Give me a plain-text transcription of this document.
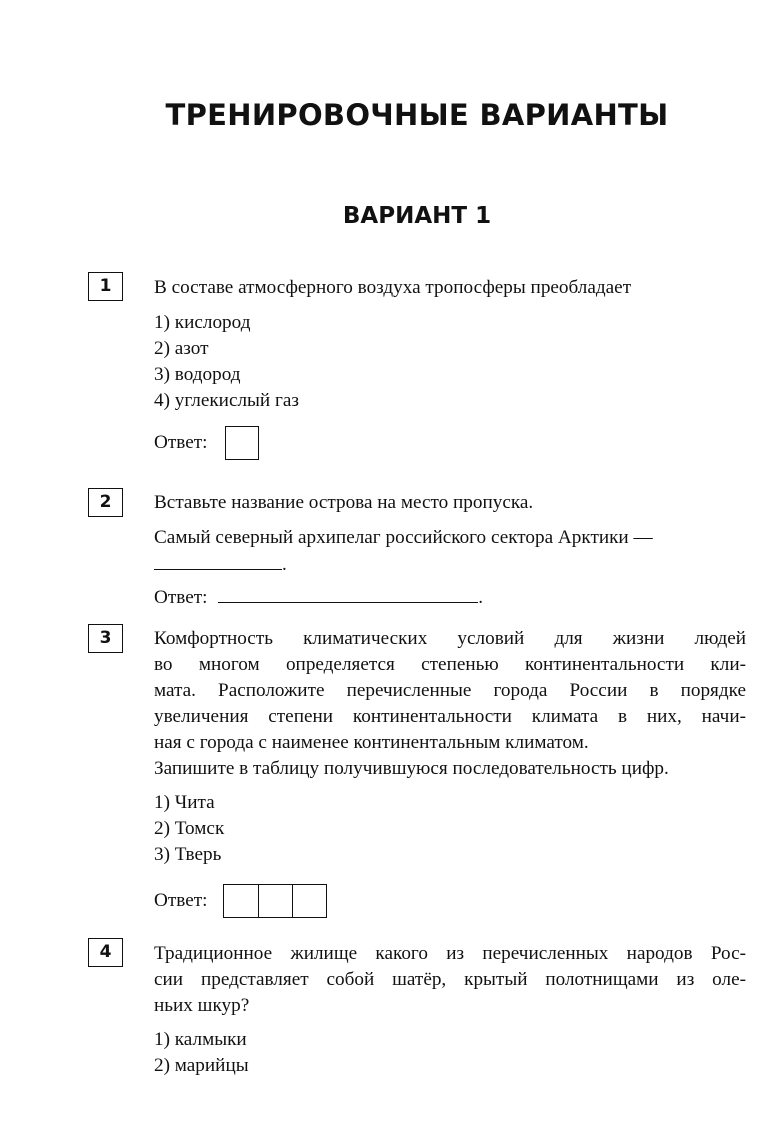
ТРЕНИРОВОЧНЫЕ ВАРИАНТЫ
ВАРИАНТ 1
1	В составе атмосферного воздуха тропосферы преобладает
1) кислород
2) азот
3) водород
4) углекислый газ
Ответ:
2	Вставьте название острова на место пропуска.
Самый северный архипелаг российского сектора Арктики —
.
Ответ:	.
3	Комфортность климатических условий для жизни людей
во многом определяется степенью континентальности кли-
мата. Расположите перечисленные города России в порядке
увеличения степени континентальности климата в них, начи-
ная с города с наименее континентальным климатом.
Запишите в таблицу получившуюся последовательность цифр.
1) Чита
2) Томск
3) Тверь
Ответ:
4	Традиционное жилище какого из перечисленных народов Рос-
сии представляет собой шатёр, крытый полотнищами из оле-
ньих шкур?
1) калмыки
2) марийцы
